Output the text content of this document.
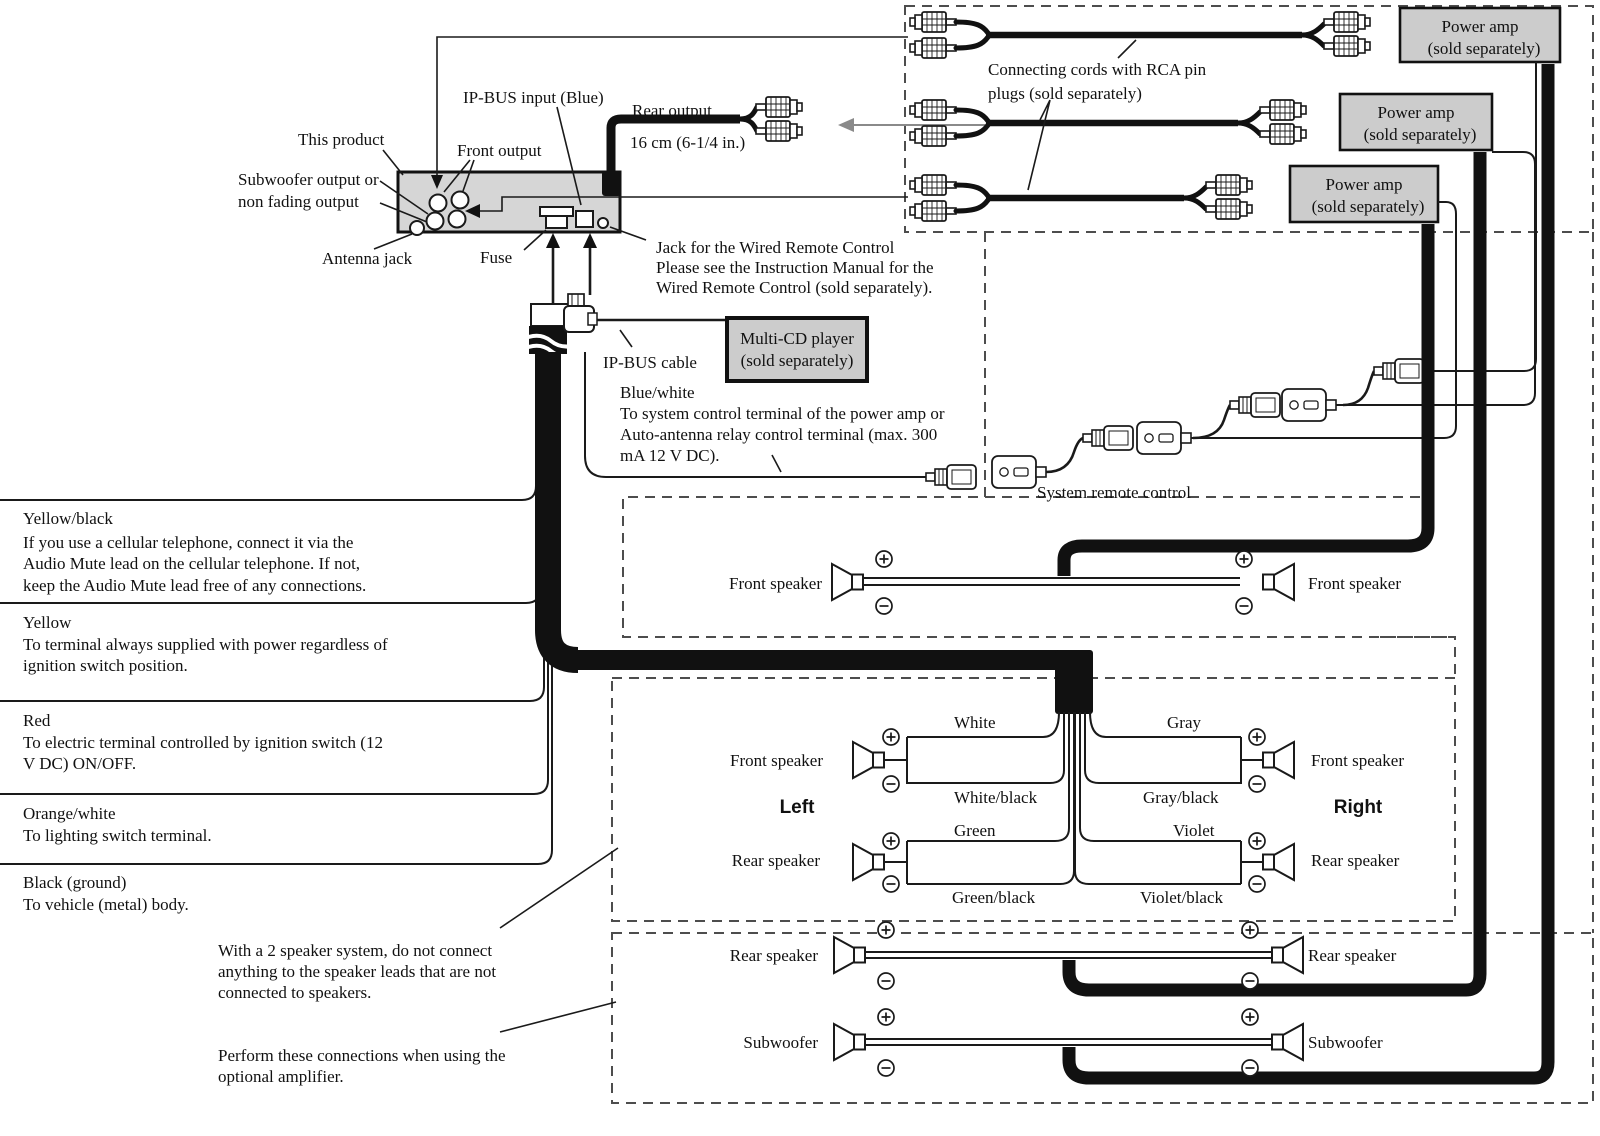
This product
Front output
IP-BUS input (Blue)
Subwoofer output or
non fading output
Antenna jack	Fuse
Rear output
16 cm (6-1/4 in.)
Jack for the Wired Remote Control
Please see the Instruction Manual for the
Wired Remote Control (sold separately).
IP-BUS cable
Multi-CD player
(sold separately)
Blue/white
To system control terminal of the power amp or
Auto-antenna relay control terminal (max. 300
mA 12 V DC).
System remote control
Connecting cords with RCA pin
plugs (sold separately)
Power amp
(sold separately)
Power amp
(sold separately)
Power amp
(sold separately)
Yellow/black
If you use a cellular telephone, connect it via the
Audio Mute lead on the cellular telephone. If not,
keep the Audio Mute lead free of any connections.
Yellow
To terminal always supplied with power regardless of
ignition switch position.
Red
To electric terminal controlled by ignition switch (12
V DC) ON/OFF.
Orange/white
To lighting switch terminal.
Black (ground)
To vehicle (metal) body.
With a 2 speaker system, do not connect
anything to the speaker leads that are not
connected to speakers.
Perform these connections when using the
optional amplifier.
Front speaker	Front speaker
White	Gray
White/black	Gray/black
Green	Violet
Green/black	Violet/black
Front speaker	Front speaker
Rear speaker	Rear speaker
Left	Right
Rear speaker	Rear speaker
Subwoofer	Subwoofer
